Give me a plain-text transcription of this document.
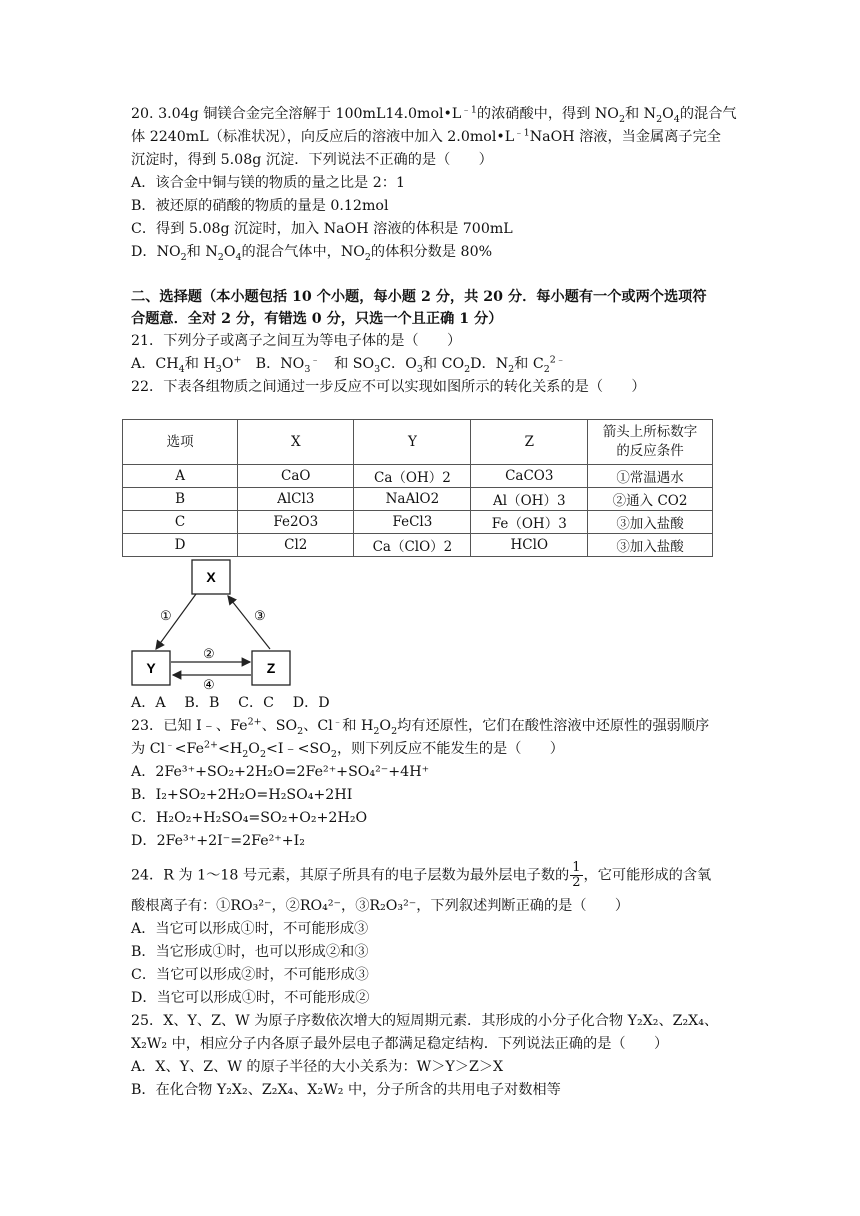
20. 3.04g 铜镁合金完全溶解于 $100mL14.0mol•L^{﹣1}$的浓硝酸中，得到 $NO_2$和 $N_2O_4$的混合气
体 2240mL（标准状况），向反应后的溶液中加入 $2.0mol•L^{﹣1}NaOH$ 溶液，当金属离子完全
沉淀时，得到 5.08g 沉淀．下列说法不正确的是（　　）
A．该合金中铜与镁的物质的量之比是 2：1
B．被还原的硝酸的物质的量是 0.12mol
C．得到 5.08g 沉淀时，加入 NaOH 溶液的体积是 700mL
D．$NO_2$和 $N_2O_4$的混合气体中，$NO_2$的体积分数是 80%
二、选择题（本小题包括 10 个小题，每小题 2 分，共 20 分．每小题有一个或两个选项符
合题意．全对 2 分，有错选 0 分，只选一个且正确 1 分）
21．下列分子或离子之间互为等电子体的是（　　）
A．$CH_4$和 $H_3O^+$　B．$NO_3^﹣$　和 $SO_3C$．$O_3$和 $CO_2D$．$N_2$和 $C_2^{2﹣}$
22．下表各组物质之间通过一步反应不可以实现如图所示的转化关系的是（　　）
选项	X	Y	Z	箭头上所标数字的反应条件
A	CaO	Ca（OH）2	CaCO3	①常温遇水
B	AlCl3	NaAlO2	Al（OH）3	②通入 CO2
C	Fe2O3	FeCl3	Fe（OH）3	③加入盐酸
D	Cl2	Ca（ClO）2	HClO	③加入盐酸
X
Y	Z
①	③
②
④
A．A　 B．B　 C．C　 D．D
23．已知 I﹣、$Fe^{2+}$、$SO_2$、Cl﹣和 $H_2O_2$均有还原性，它们在酸性溶液中还原性的强弱顺序
为 $Cl^﹣<Fe^{2+}<H_2O_2<I﹣<SO_2$，则下列反应不能发生的是（　　）
A．2Fe³⁺+SO₂+2H₂O=2Fe²⁺+SO₄²⁻+4H⁺
B．I₂+SO₂+2H₂O=H₂SO₄+2HI
C．H₂O₂+H₂SO₄=SO₂+O₂+2H₂O
D．2Fe³⁺+2I⁻=2Fe²⁺+I₂
24．R 为 1～18 号元素，其原子所具有的电子层数为最外层电子数的 $\frac{1}{2}$ ，它可能形成的含氧
酸根离子有：①RO₃²⁻，②RO₄²⁻，③R₂O₃²⁻，下列叙述判断正确的是（　　）
A．当它可以形成①时，不可能形成③
B．当它形成①时，也可以形成②和③
C．当它可以形成②时，不可能形成③
D．当它可以形成①时，不可能形成②
25．X、Y、Z、W 为原子序数依次增大的短周期元素．其形成的小分子化合物 Y₂X₂、Z₂X₄、
X₂W₂ 中，相应分子内各原子最外层电子都满足稳定结构．下列说法正确的是（　　）
A．X、Y、Z、W 的原子半径的大小关系为：W＞Y＞Z＞X
B．在化合物 Y₂X₂、Z₂X₄、X₂W₂ 中，分子所含的共用电子对数相等
